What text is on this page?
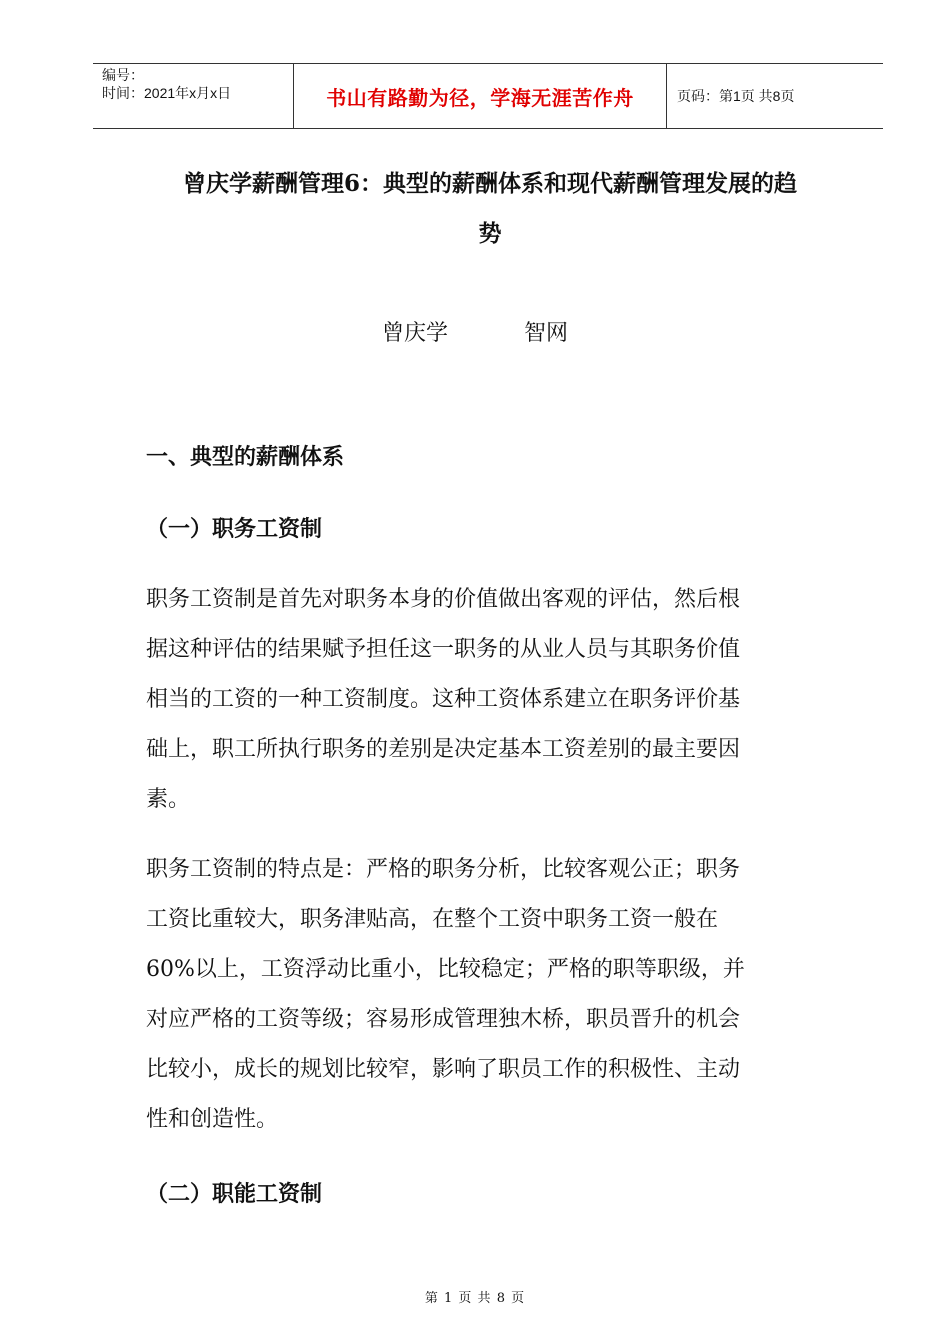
编号：
时间：2021年x月x日	书山有路勤为径，学海无涯苦作舟	页码：第1页 共8页
曾庆学薪酬管理6：典型的薪酬体系和现代薪酬管理发展的趋
势
曾庆学	智网
一、典型的薪酬体系
（一）职务工资制
职务工资制是首先对职务本身的价值做出客观的评估，然后根
据这种评估的结果赋予担任这一职务的从业人员与其职务价值
相当的工资的一种工资制度。这种工资体系建立在职务评价基
础上，职工所执行职务的差别是决定基本工资差别的最主要因
素。
职务工资制的特点是：严格的职务分析，比较客观公正；职务
工资比重较大，职务津贴高，在整个工资中职务工资一般在
60%以上，工资浮动比重小，比较稳定；严格的职等职级，并
对应严格的工资等级；容易形成管理独木桥，职员晋升的机会
比较小，成长的规划比较窄，影响了职员工作的积极性、主动
性和创造性。
（二）职能工资制
第 1 页 共 8 页
